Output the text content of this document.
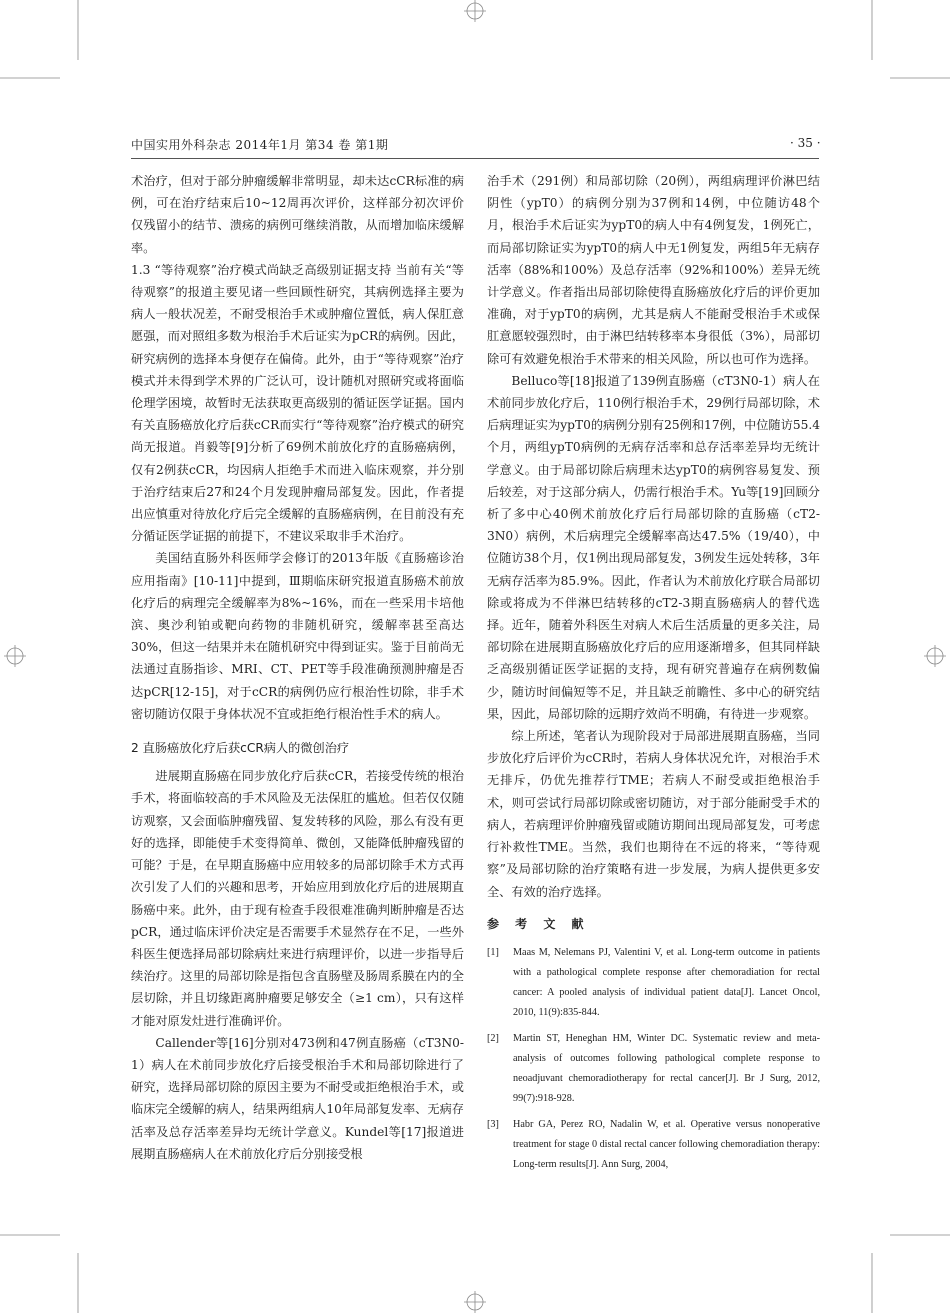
中国实用外科杂志 2014年1月 第34 卷 第1期	· 35 ·

术治疗，但对于部分肿瘤缓解非常明显，却未达cCR标准的病例，可在治疗结束后10~12周再次评价，这样部分初次评价仅残留小的结节、溃疡的病例可继续消散，从而增加临床缓解率。

1.3 “等待观察”治疗模式尚缺乏高级别证据支持 当前有关“等待观察”的报道主要见诸一些回顾性研究，其病例选择主要为病人一般状况差，不耐受根治手术或肿瘤位置低，病人保肛意愿强，而对照组多数为根治手术后证实为pCR的病例。因此，研究病例的选择本身便存在偏倚。此外，由于“等待观察”治疗模式并未得到学术界的广泛认可，设计随机对照研究或将面临伦理学困境，故暂时无法获取更高级别的循证医学证据。国内有关直肠癌放化疗后获cCR而实行“等待观察”治疗模式的研究尚无报道。肖毅等[9]分析了69例术前放化疗的直肠癌病例，仅有2例获cCR，均因病人拒绝手术而进入临床观察，并分别于治疗结束后27和24个月发现肿瘤局部复发。因此，作者提出应慎重对待放化疗后完全缓解的直肠癌病例，在目前没有充分循证医学证据的前提下，不建议采取非手术治疗。

美国结直肠外科医师学会修订的2013年版《直肠癌诊治应用指南》[10-11]中提到，Ⅲ期临床研究报道直肠癌术前放化疗后的病理完全缓解率为8%~16%，而在一些采用卡培他滨、奥沙利铂或靶向药物的非随机研究，缓解率甚至高达30%，但这一结果并未在随机研究中得到证实。鉴于目前尚无法通过直肠指诊、MRI、CT、PET等手段准确预测肿瘤是否达pCR[12-15]，对于cCR的病例仍应行根治性切除，非手术密切随访仅限于身体状况不宜或拒绝行根治性手术的病人。

2 直肠癌放化疗后获cCR病人的微创治疗

进展期直肠癌在同步放化疗后获cCR，若接受传统的根治手术，将面临较高的手术风险及无法保肛的尴尬。但若仅仅随访观察，又会面临肿瘤残留、复发转移的风险，那么有没有更好的选择，即能使手术变得简单、微创，又能降低肿瘤残留的可能？于是，在早期直肠癌中应用较多的局部切除手术方式再次引发了人们的兴趣和思考，开始应用到放化疗后的进展期直肠癌中来。此外，由于现有检查手段很难准确判断肿瘤是否达pCR，通过临床评价决定是否需要手术显然存在不足，一些外科医生便选择局部切除病灶来进行病理评价，以进一步指导后续治疗。这里的局部切除是指包含直肠壁及肠周系膜在内的全层切除，并且切缘距离肿瘤要足够安全（≥1 cm），只有这样才能对原发灶进行准确评价。

Callender等[16]分别对473例和47例直肠癌（cT3N0-1）病人在术前同步放化疗后接受根治手术和局部切除进行了研究，选择局部切除的原因主要为不耐受或拒绝根治手术，或临床完全缓解的病人，结果两组病人10年局部复发率、无病存活率及总存活率差异均无统计学意义。Kundel等[17]报道进展期直肠癌病人在术前放化疗后分别接受根

治手术（291例）和局部切除（20例），两组病理评价淋巴结阴性（ypT0）的病例分别为37例和14例，中位随访48个月，根治手术后证实为ypT0的病人中有4例复发，1例死亡，而局部切除证实为ypT0的病人中无1例复发，两组5年无病存活率（88%和100%）及总存活率（92%和100%）差异无统计学意义。作者指出局部切除使得直肠癌放化疗后的评价更加准确，对于ypT0的病例，尤其是病人不能耐受根治手术或保肛意愿较强烈时，由于淋巴结转移率本身很低（3%），局部切除可有效避免根治手术带来的相关风险，所以也可作为选择。

Belluco等[18]报道了139例直肠癌（cT3N0-1）病人在术前同步放化疗后，110例行根治手术，29例行局部切除，术后病理证实为ypT0的病例分别有25例和17例，中位随访55.4个月，两组ypT0病例的无病存活率和总存活率差异均无统计学意义。由于局部切除后病理未达ypT0的病例容易复发、预后较差，对于这部分病人，仍需行根治手术。Yu等[19]回顾分析了多中心40例术前放化疗后行局部切除的直肠癌（cT2-3N0）病例，术后病理完全缓解率高达47.5%（19/40），中位随访38个月，仅1例出现局部复发，3例发生远处转移，3年无病存活率为85.9%。因此，作者认为术前放化疗联合局部切除或将成为不伴淋巴结转移的cT2-3期直肠癌病人的替代选择。近年，随着外科医生对病人术后生活质量的更多关注，局部切除在进展期直肠癌放化疗后的应用逐渐增多，但其同样缺乏高级别循证医学证据的支持，现有研究普遍存在病例数偏少，随访时间偏短等不足，并且缺乏前瞻性、多中心的研究结果，因此，局部切除的远期疗效尚不明确，有待进一步观察。

综上所述，笔者认为现阶段对于局部进展期直肠癌，当同步放化疗后评价为cCR时，若病人身体状况允许，对根治手术无排斥，仍优先推荐行TME；若病人不耐受或拒绝根治手术，则可尝试行局部切除或密切随访，对于部分能耐受手术的病人，若病理评价肿瘤残留或随访期间出现局部复发，可考虑行补救性TME。当然，我们也期待在不远的将来，“等待观察”及局部切除的治疗策略有进一步发展，为病人提供更多安全、有效的治疗选择。

参 考 文 献

[1]	Maas M, Nelemans PJ, Valentini V, et al. Long-term outcome in patients with a pathological complete response after chemoradiation for rectal cancer: A pooled analysis of individual patient data[J]. Lancet Oncol, 2010, 11(9):835-844.
[2]	Martin ST, Heneghan HM, Winter DC. Systematic review and meta-analysis of outcomes following pathological complete response to neoadjuvant chemoradiotherapy for rectal cancer[J]. Br J Surg, 2012, 99(7):918-928.
[3]	Habr GA, Perez RO, Nadalin W, et al. Operative versus nonoperative treatment for stage 0 distal rectal cancer following chemoradiation therapy: Long-term results[J]. Ann Surg, 2004,
